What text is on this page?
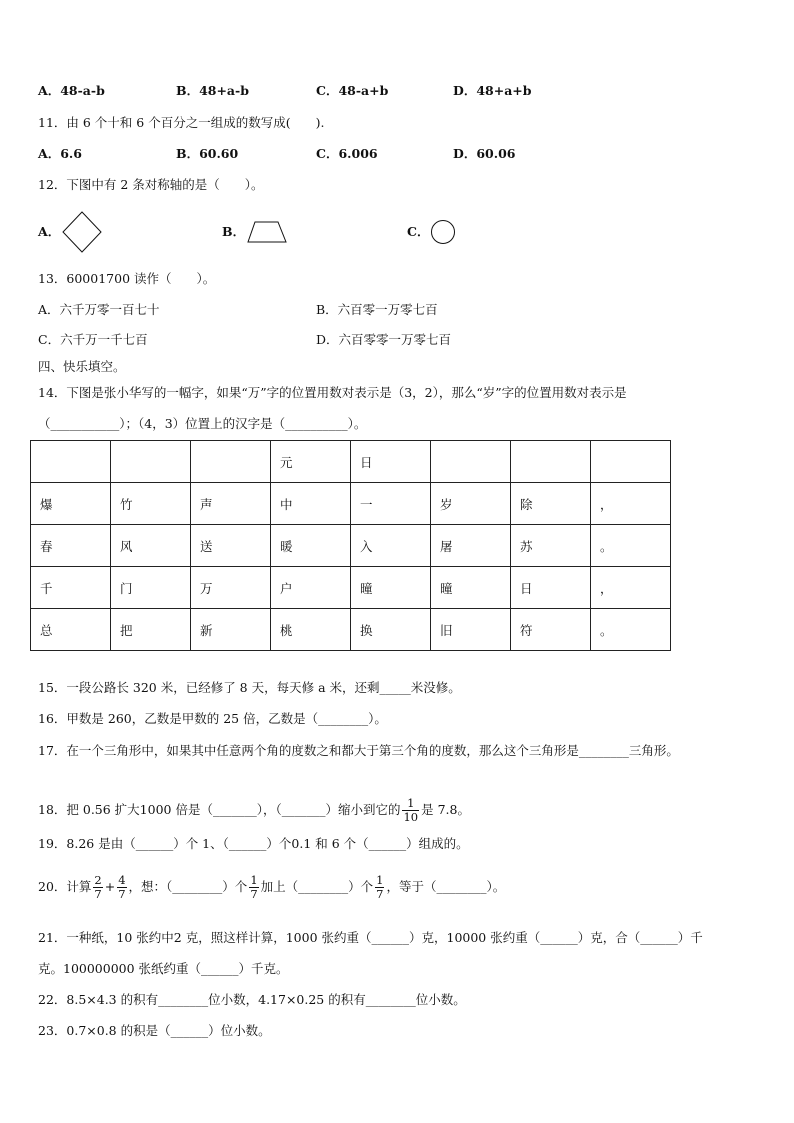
A．48-a-b	B．48+a-b	C．48-a+b	D．48+a+b
11．由 6 个十和 6 个百分之一组成的数写成(　　).
A．6.6	B．60.60	C．6.006	D．60.06
12．下图中有 2 条对称轴的是（　　）。
A．	B．	C．
13．60001700 读作（　　）。
A．六千万零一百七十	B．六百零一万零七百
C．六千万一千七百	D．六百零零一万零七百
四、快乐填空。
14．下图是张小华写的一幅字，如果“万”字的位置用数对表示是（3，2），那么“岁”字的位置用数对表示是
（___________）；（4，3）位置上的汉字是（__________）。
			元	日			
爆	竹	声	中	一	岁	除	，
春	风	送	暖	入	屠	苏	。
千	门	万	户	曈	曈	日	，
总	把	新	桃	换	旧	符	。
15．一段公路长 320 米，已经修了 8 天，每天修 a 米，还剩_____米没修。
16．甲数是 260，乙数是甲数的 25 倍，乙数是（________）。
17．在一个三角形中，如果其中任意两个角的度数之和都大于第三个角的度数，那么这个三角形是________三角形。
18．把 0.56 扩大1000 倍是（_______），（_______）缩小到它的 $\frac{1}{10}$ 是 7.8。
19．8.26 是由（______）个 1、（______）个0.1 和 6 个（______）组成的。
20．计算 $\frac{2}{7} + \frac{4}{7}$ ，想：（________）个 $\frac{1}{7}$ 加上（________）个 $\frac{1}{7}$ ，等于（________）。
21．一种纸，10 张约中2 克，照这样计算，1000 张约重（______）克，10000 张约重（______）克，合（______）千
克。100000000 张纸约重（______）千克。
22．8.5×4.3 的积有________位小数，4.17×0.25 的积有________位小数。
23．0.7×0.8 的积是（______）位小数。
